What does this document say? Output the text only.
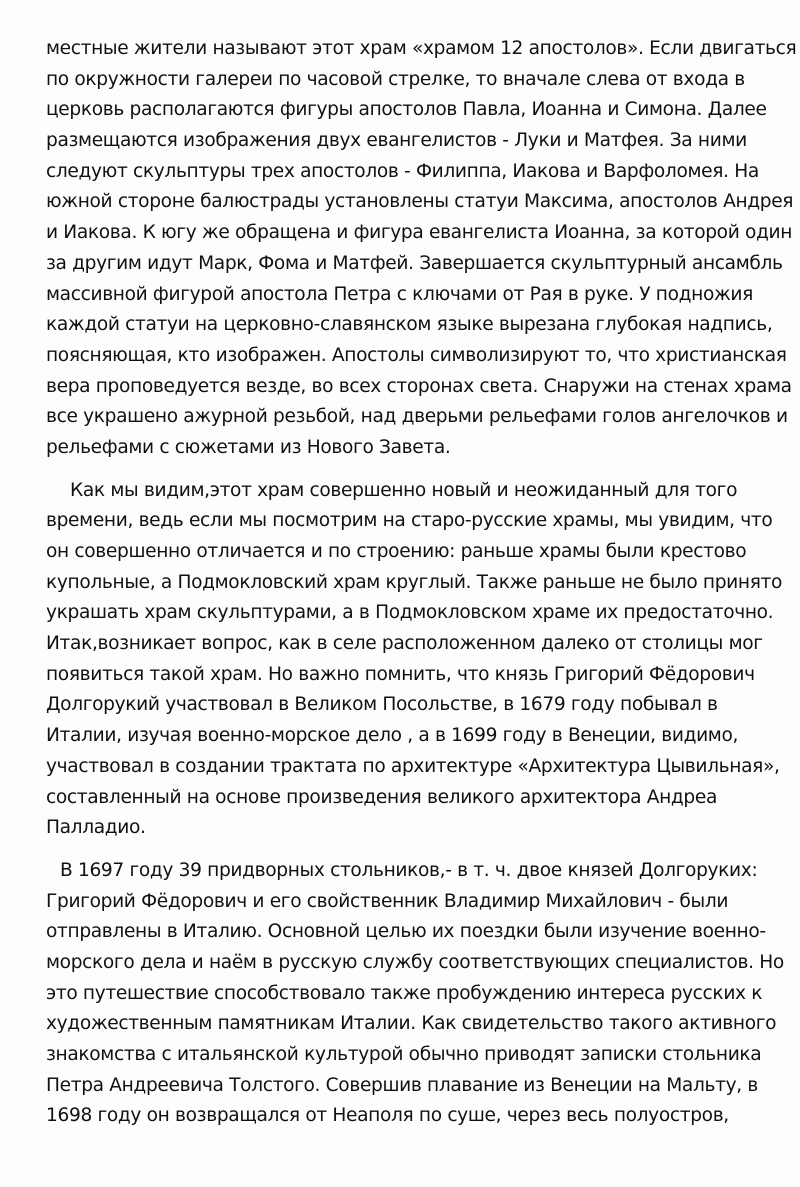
местные жители называют этот храм «храмом 12 апостолов». Если двигаться
по окружности галереи по часовой стрелке, то вначале слева от входа в
церковь располагаются фигуры апостолов Павла, Иоанна и Симона. Далее
размещаются изображения двух евангелистов - Луки и Матфея. За ними
следуют скульптуры трех апостолов - Филиппа, Иакова и Варфоломея. На
южной стороне балюстрады установлены статуи Максима, апостолов Андрея
и Иакова. К югу же обращена и фигура евангелиста Иоанна, за которой один
за другим идут Марк, Фома и Матфей. Завершается скульптурный ансамбль
массивной фигурой апостола Петра с ключами от Рая в руке. У подножия
каждой статуи на церковно-славянском языке вырезана глубокая надпись,
поясняющая, кто изображен. Апостолы символизируют то, что христианская
вера проповедуется везде, во всех сторонах света. Снаружи на стенах храма
все украшено ажурной резьбой, над дверьми рельефами голов ангелочков и
рельефами с сюжетами из Нового Завета.
Как мы видим,этот храм совершенно новый и неожиданный для того
времени, ведь если мы посмотрим на старо-русские храмы, мы увидим, что
он совершенно отличается и по строению: раньше храмы были крестово
купольные, а Подмокловский храм круглый. Также раньше не было принято
украшать храм скульптурами, а в Подмокловском храме их предостаточно.
Итак,возникает вопрос, как в селе расположенном далеко от столицы мог
появиться такой храм. Но важно помнить, что князь Григорий Фёдорович
Долгорукий участвовал в Великом Посольстве, в 1679 году побывал в
Италии, изучая военно-морское дело , а в 1699 году в Венеции, видимо,
участвовал в создании трактата по архитектуре «Архитектура Цывильная»,
составленный на основе произведения великого архитектора Андреа
Палладио.
В 1697 году 39 придворных стольников,- в т. ч. двое князей Долгоруких:
Григорий Фёдорович и его свойственник Владимир Михайлович - были
отправлены в Италию. Основной целью их поездки были изучение военно-
морского дела и наём в русскую службу соответствующих специалистов. Но
это путешествие способствовало также пробуждению интереса русских к
художественным памятникам Италии. Как свидетельство такого активного
знакомства с итальянской культурой обычно приводят записки стольника
Петра Андреевича Толстого. Совершив плавание из Венеции на Мальту, в
1698 году он возвращался от Неаполя по суше, через весь полуостров,
